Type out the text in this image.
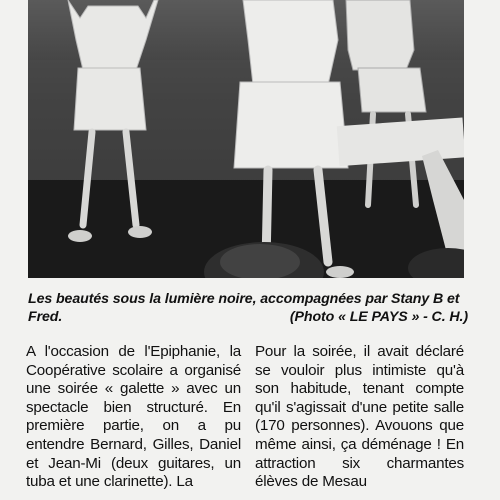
Les beautés sous la lumière noire, accompagnées par Stany B et Fred.	(Photo « LE PAYS » - C. H.)

A l'occasion de l'Epiphanie, la Coopérative scolaire a organisé une soirée « galette » avec un spectacle bien structuré. En première partie, on a pu entendre Bernard, Gilles, Daniel et Jean-Mi (deux guitares, un tuba et une clarinette). La

Pour la soirée, il avait déclaré se vouloir plus intimiste qu'à son habitude, tenant compte qu'il s'agissait d'une petite salle (170 personnes). Avouons que même ainsi, ça déménage ! En attraction six charmantes élèves de Mesau
